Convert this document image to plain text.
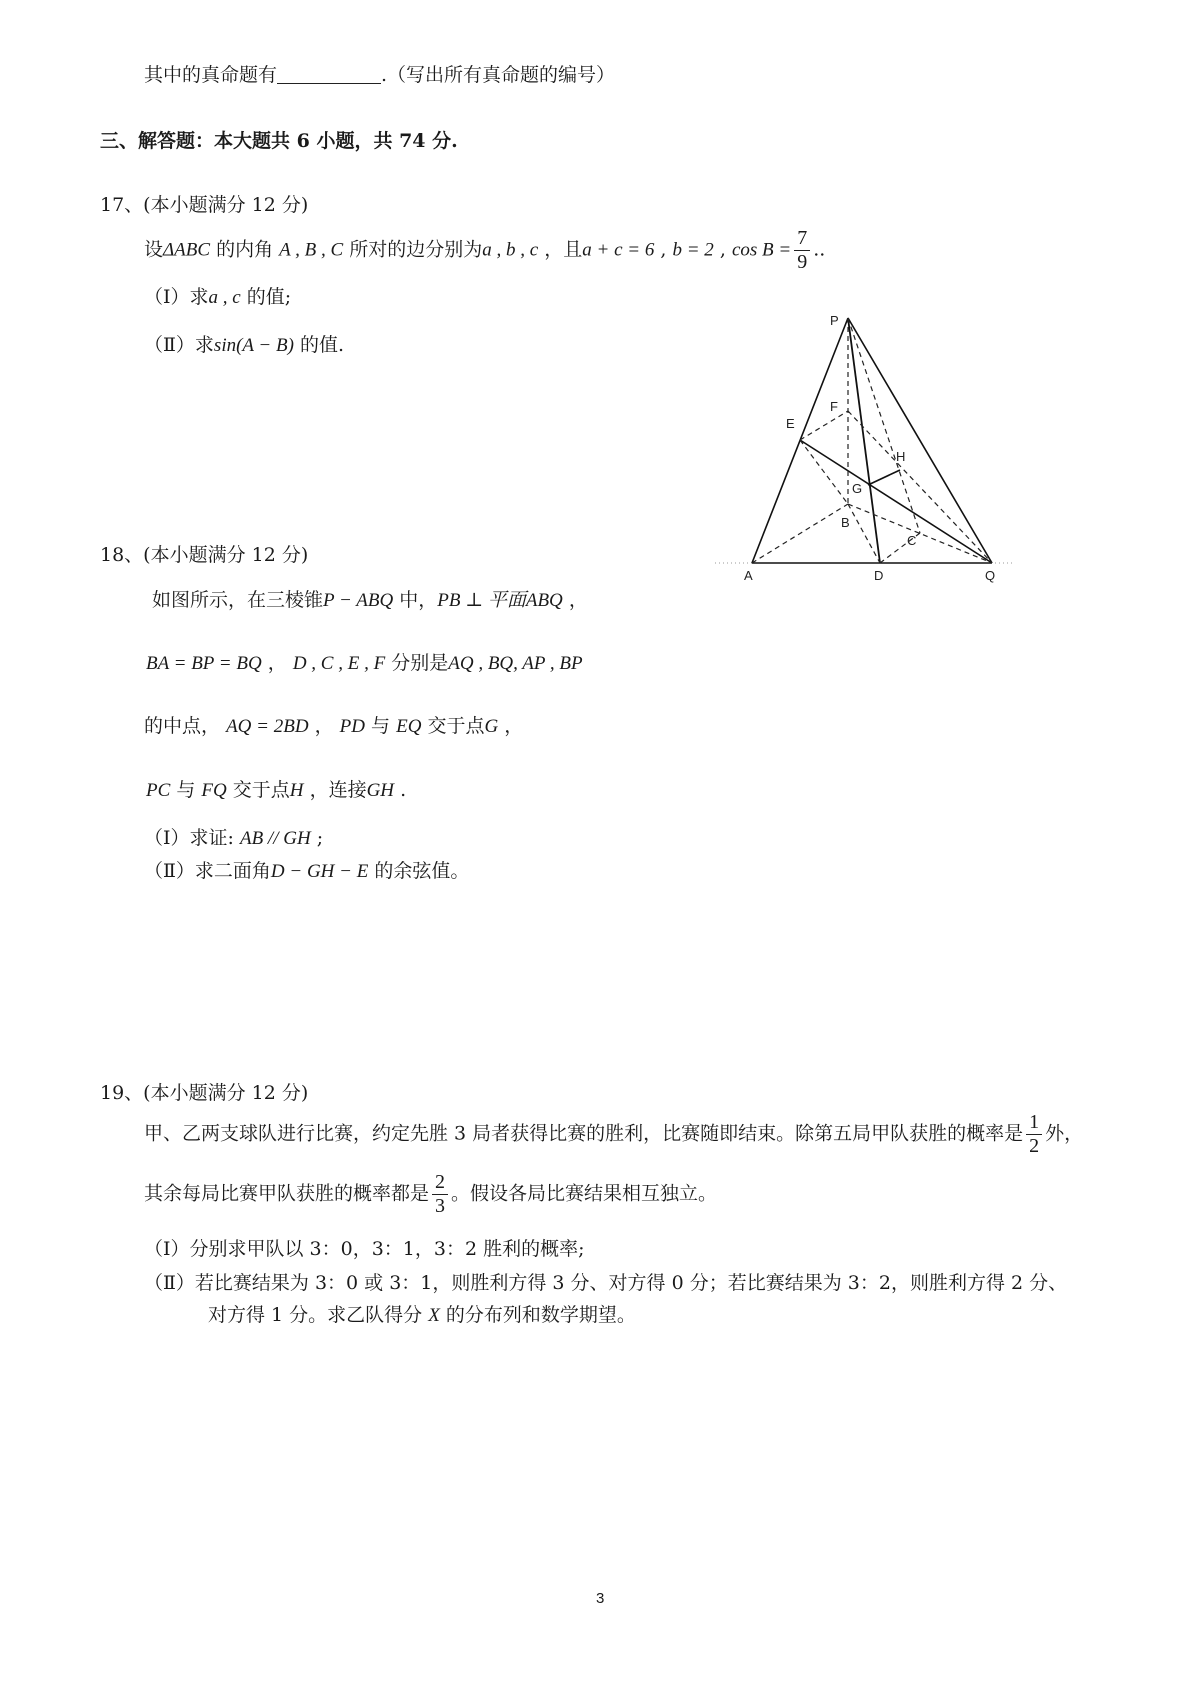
其中的真命题有	.（写出所有真命题的编号）
三、解答题：本大题共 6 小题，共 74 分.
17、(本小题满分 12 分)
设ΔABC 的内角 A , B , C 所对的边分别为a , b , c ，且a + c = 6 , b = 2 , $\cos B = \frac{7}{9}$ ..
（Ⅰ）求a , c 的值;
（Ⅱ）求sin(A − B) 的值.
P
E
F
H
G
B
C
A	D	Q
18、(本小题满分 12 分)
如图所示，在三棱锥P − ABQ 中，PB ⊥ 平面ABQ ，
BA = BP = BQ ， D , C , E , F 分别是AQ , BQ, AP , BP
的中点， AQ = 2BD ， PD 与 EQ 交于点G ，
PC 与 FQ 交于点H ，连接GH .
（Ⅰ）求证: AB // GH ;
（Ⅱ）求二面角D − GH − E 的余弦值。
19、(本小题满分 12 分)
甲、乙两支球队进行比赛，约定先胜 3 局者获得比赛的胜利，比赛随即结束。除第五局甲队获胜的概率是 $\frac{1}{2}$ 外，
其余每局比赛甲队获胜的概率都是 $\frac{2}{3}$ 。假设各局比赛结果相互独立。
（Ⅰ）分别求甲队以 3：0，3：1，3：2 胜利的概率;
（Ⅱ）若比赛结果为 3：0 或 3：1，则胜利方得 3 分、对方得 0 分；若比赛结果为 3：2，则胜利方得 2 分、
对方得 1 分。求乙队得分 X 的分布列和数学期望。
3
